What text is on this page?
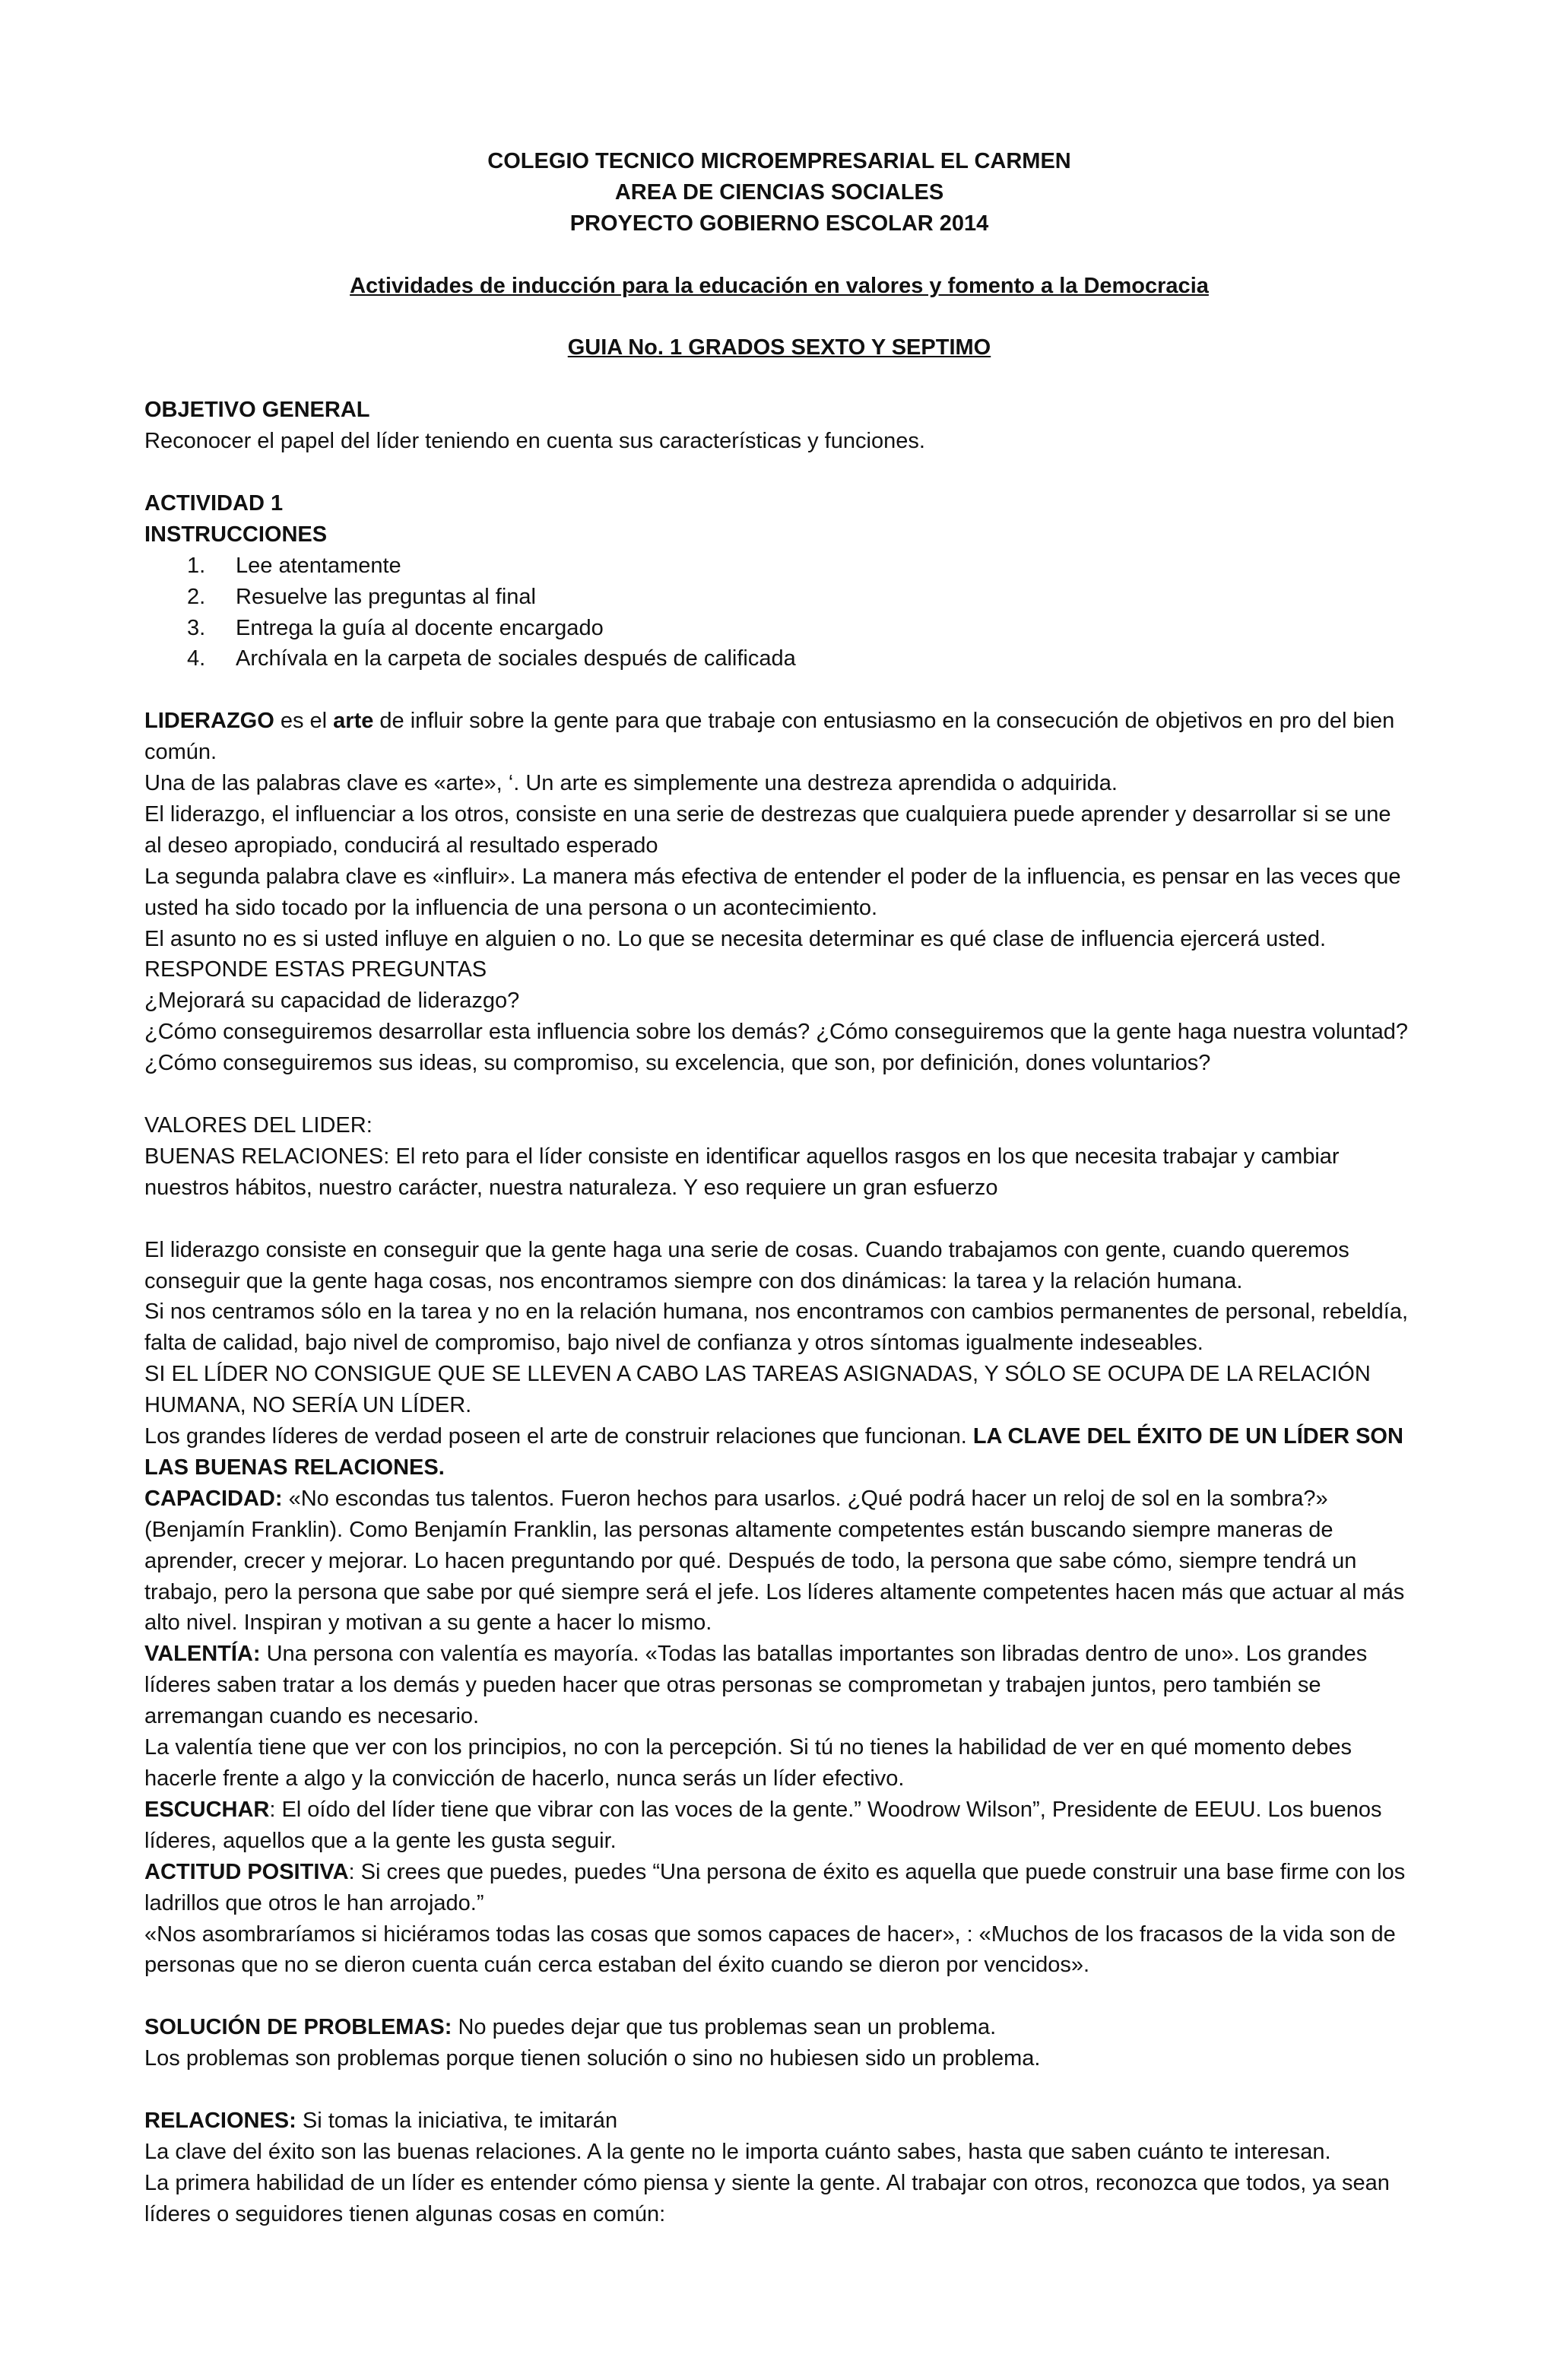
COLEGIO TECNICO MICROEMPRESARIAL EL CARMEN

AREA DE CIENCIAS SOCIALES

PROYECTO GOBIERNO ESCOLAR 2014

Actividades de inducción para la educación en valores y fomento a la Democracia

GUIA No. 1 GRADOS SEXTO Y SEPTIMO

OBJETIVO GENERAL

Reconocer el papel del líder teniendo en cuenta sus características y funciones.

ACTIVIDAD 1

INSTRUCCIONES

1. Lee atentamente
2. Resuelve las preguntas al final
3. Entrega la guía al docente encargado
4. Archívala en la carpeta de sociales después de calificada

LIDERAZGO es el arte de influir sobre la gente para que trabaje con entusiasmo en la consecución de objetivos en pro del bien común.

Una de las palabras clave es «arte», ‘. Un arte es simplemente una destreza aprendida o adquirida.

El liderazgo, el influenciar a los otros, consiste en una serie de destrezas que cualquiera puede aprender y desarrollar si se une al deseo apropiado, conducirá al resultado esperado

La segunda palabra clave es «influir». La manera más efectiva de entender el poder de la influencia, es pensar en las veces que usted ha sido tocado por la influencia de una persona o un acontecimiento.

El asunto no es si usted influye en alguien o no. Lo que se necesita determinar es qué clase de influencia ejercerá usted.

RESPONDE ESTAS PREGUNTAS

¿Mejorará su capacidad de liderazgo?

¿Cómo conseguiremos desarrollar esta influencia sobre los demás? ¿Cómo conseguiremos que la gente haga nuestra voluntad? ¿Cómo conseguiremos sus ideas, su compromiso, su excelencia, que son, por definición, dones voluntarios?

VALORES DEL LIDER:

BUENAS RELACIONES: El reto para el líder consiste en identificar aquellos rasgos en los que necesita trabajar y cambiar nuestros hábitos, nuestro carácter, nuestra naturaleza. Y eso requiere un gran esfuerzo

El liderazgo consiste en conseguir que la gente haga una serie de cosas. Cuando trabajamos con gente, cuando queremos conseguir que la gente haga cosas, nos encontramos siempre con dos dinámicas: la tarea y la relación humana.

Si nos centramos sólo en la tarea y no en la relación humana, nos encontramos con cambios permanentes de personal, rebeldía, falta de calidad, bajo nivel de compromiso, bajo nivel de confianza y otros síntomas igualmente indeseables.

SI EL LÍDER NO CONSIGUE QUE SE LLEVEN A CABO LAS TAREAS ASIGNADAS, Y SÓLO SE OCUPA DE LA RELACIÓN HUMANA, NO SERÍA UN LÍDER.

Los grandes líderes de verdad poseen el arte de construir relaciones que funcionan. LA CLAVE DEL ÉXITO DE UN LÍDER SON LAS BUENAS RELACIONES.

CAPACIDAD: «No escondas tus talentos. Fueron hechos para usarlos. ¿Qué podrá hacer un reloj de sol en la sombra?» (Benjamín Franklin). Como Benjamín Franklin, las personas altamente competentes están buscando siempre maneras de aprender, crecer y mejorar. Lo hacen preguntando por qué. Después de todo, la persona que sabe cómo, siempre tendrá un trabajo, pero la persona que sabe por qué siempre será el jefe. Los líderes altamente competentes hacen más que actuar al más alto nivel. Inspiran y motivan a su gente a hacer lo mismo.

VALENTÍA: Una persona con valentía es mayoría. «Todas las batallas importantes son libradas dentro de uno». Los grandes líderes saben tratar a los demás y pueden hacer que otras personas se comprometan y trabajen juntos, pero también se arremangan cuando es necesario.

La valentía tiene que ver con los principios, no con la percepción. Si tú no tienes la habilidad de ver en qué momento debes hacerle frente a algo y la convicción de hacerlo, nunca serás un líder efectivo.

ESCUCHAR: El oído del líder tiene que vibrar con las voces de la gente.” Woodrow Wilson”, Presidente de EEUU. Los buenos líderes, aquellos que a la gente les gusta seguir.

ACTITUD POSITIVA: Si crees que puedes, puedes “Una persona de éxito es aquella que puede construir una base firme con los ladrillos que otros le han arrojado.”

«Nos asombraríamos si hiciéramos todas las cosas que somos capaces de hacer», : «Muchos de los fracasos de la vida son de personas que no se dieron cuenta cuán cerca estaban del éxito cuando se dieron por vencidos».

SOLUCIÓN DE PROBLEMAS: No puedes dejar que tus problemas sean un problema.

Los problemas son problemas porque tienen solución o sino no hubiesen sido un problema.

RELACIONES: Si tomas la iniciativa, te imitarán

La clave del éxito son las buenas relaciones. A la gente no le importa cuánto sabes, hasta que saben cuánto te interesan.

La primera habilidad de un líder es entender cómo piensa y siente la gente. Al trabajar con otros, reconozca que todos, ya sean líderes o seguidores tienen algunas cosas en común:
